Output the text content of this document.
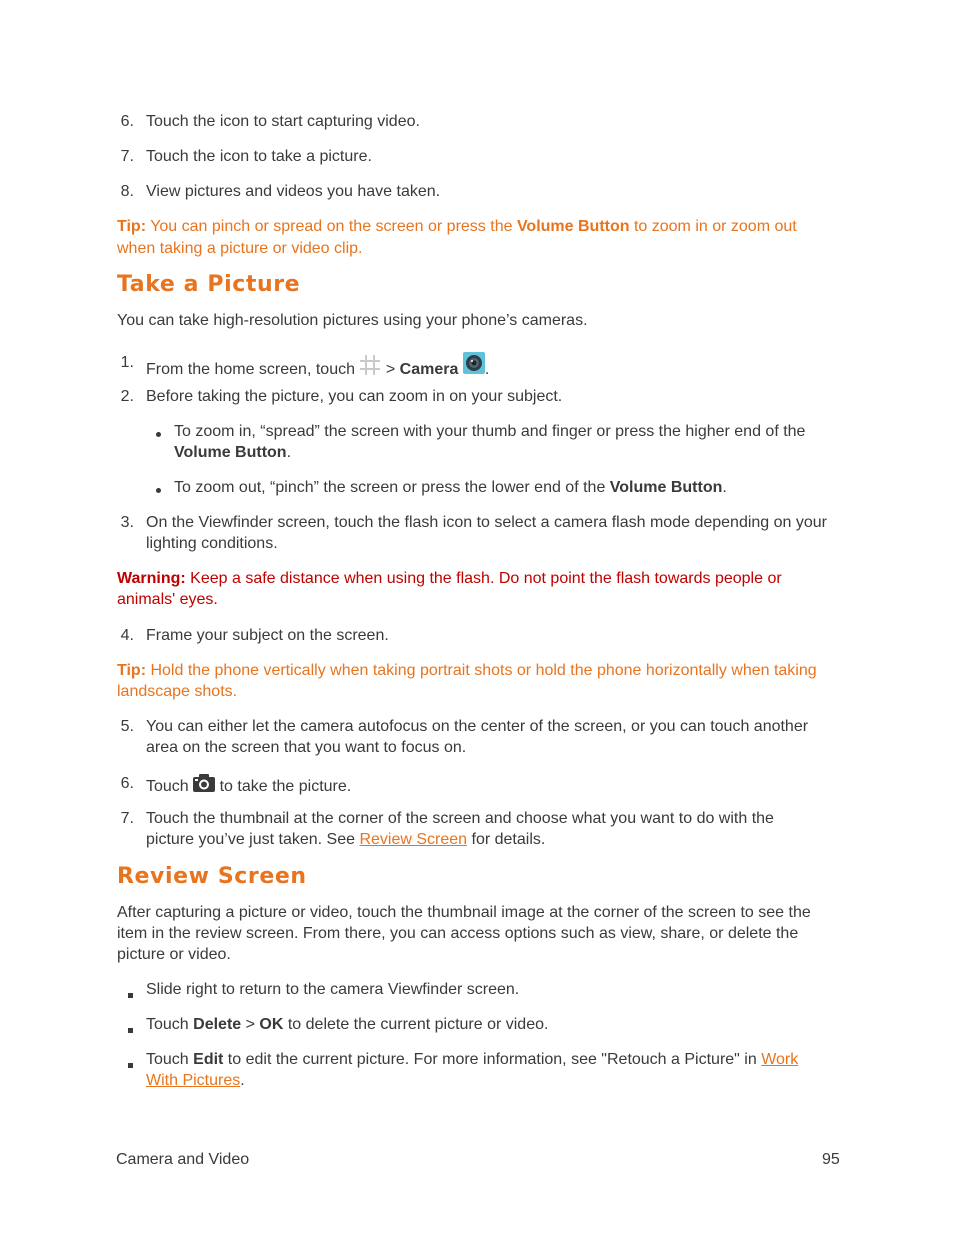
6. Touch the icon to start capturing video.
7. Touch the icon to take a picture.
8. View pictures and videos you have taken.
Tip: You can pinch or spread on the screen or press the Volume Button to zoom in or zoom out
when taking a picture or video clip.
Take a Picture
You can take high-resolution pictures using your phone’s cameras.
1. From the home screen, touch  > Camera .
2. Before taking the picture, you can zoom in on your subject.
To zoom in, “spread” the screen with your thumb and finger or press the higher end of the
Volume Button.
To zoom out, “pinch” the screen or press the lower end of the Volume Button.
3. On the Viewfinder screen, touch the flash icon to select a camera flash mode depending on your
lighting conditions.
Warning: Keep a safe distance when using the flash. Do not point the flash towards people or
animals' eyes.
4. Frame your subject on the screen.
Tip: Hold the phone vertically when taking portrait shots or hold the phone horizontally when taking
landscape shots.
5. You can either let the camera autofocus on the center of the screen, or you can touch another
area on the screen that you want to focus on.
6. Touch  to take the picture.
7. Touch the thumbnail at the corner of the screen and choose what you want to do with the
picture you’ve just taken. See Review Screen for details.
Review Screen
After capturing a picture or video, touch the thumbnail image at the corner of the screen to see the
item in the review screen. From there, you can access options such as view, share, or delete the
picture or video.
Slide right to return to the camera Viewfinder screen.
Touch Delete > OK to delete the current picture or video.
Touch Edit to edit the current picture. For more information, see "Retouch a Picture" in Work
With Pictures.
Camera and Video	95
